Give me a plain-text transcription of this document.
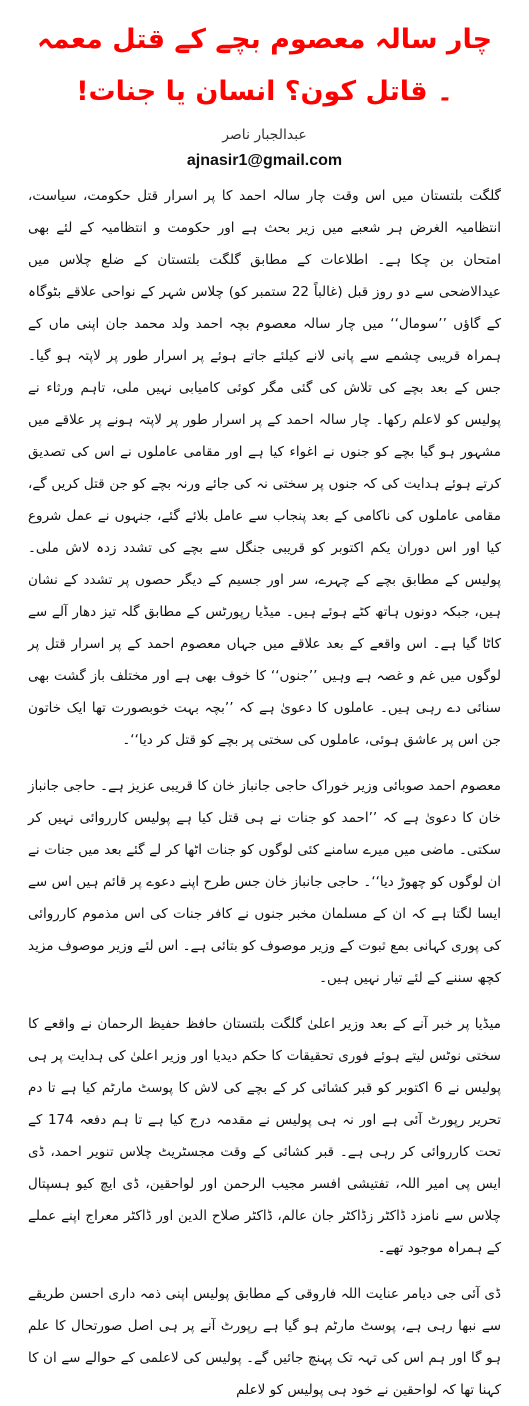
چار سالہ معصوم بچے کے قتل معمہ ۔ قاتل کون؟ انسان یا جنات!
عبدالجبار ناصر
ajnasir1@gmail.com

گلگت بلتستان میں اس وقت چار سالہ احمد کا پر اسرار قتل حکومت، سیاست، انتظامیہ الغرض ہر شعبے میں زیر بحث ہے اور حکومت و انتظامیہ کے لئے بھی امتحان بن چکا ہے۔ اطلاعات کے مطابق گلگت بلتستان کے ضلع چلاس میں عیدالاضحی سے دو روز قبل (غالباً 22 ستمبر کو) چلاس شہر کے نواحی علاقے بٹوگاہ کے گاؤں ’’سومال‘‘ میں چار سالہ معصوم بچہ احمد ولد محمد جان اپنی ماں کے ہمراہ قریبی چشمے سے پانی لانے کیلئے جاتے ہوئے پر اسرار طور پر لاپتہ ہو گیا۔ جس کے بعد بچے کی تلاش کی گئی مگر کوئی کامیابی نہیں ملی، تاہم ورثاء نے پولیس کو لاعلم رکھا۔ چار سالہ احمد کے پر اسرار طور پر لاپتہ ہونے پر علاقے میں مشہور ہو گیا بچے کو جنوں نے اغواء کیا ہے اور مقامی عاملوں نے اس کی تصدیق کرتے ہوئے ہدایت کی کہ جنوں پر سختی نہ کی جائے ورنہ بچے کو جن قتل کریں گے، مقامی عاملوں کی ناکامی کے بعد پنجاب سے عامل بلائے گئے، جنہوں نے عمل شروع کیا اور اس دوران یکم اکتوبر کو قریبی جنگل سے بچے کی تشدد زدہ لاش ملی۔ پولیس کے مطابق بچے کے چہرے، سر اور جسیم کے دیگر حصوں پر تشدد کے نشان ہیں، جبکہ دونوں ہاتھ کٹے ہوئے ہیں۔ میڈیا رپورٹس کے مطابق گلہ تیز دھار آلے سے کاٹا گیا ہے۔ اس واقعے کے بعد علاقے میں جہاں معصوم احمد کے پر اسرار قتل پر لوگوں میں غم و غصہ ہے وہیں ’’جنوں‘‘ کا خوف بھی ہے اور مختلف باز گشت بھی سنائی دے رہی ہیں۔ عاملوں کا دعویٰ ہے کہ ’’بچہ بہت خوبصورت تھا ایک خاتون جن اس پر عاشق ہوئی، عاملوں کی سختی پر بچے کو قتل کر دیا‘‘۔

معصوم احمد صوبائی وزیر خوراک حاجی جانباز خان کا قریبی عزیز ہے۔ حاجی جانباز خان کا دعویٰ ہے کہ ’’احمد کو جنات نے ہی قتل کیا ہے پولیس کارروائی نہیں کر سکتی۔ ماضی میں میرے سامنے کئی لوگوں کو جنات اٹھا کر لے گئے بعد میں جنات نے ان لوگوں کو چھوڑ دیا‘‘۔ حاجی جانباز خان جس طرح اپنے دعوے پر قائم ہیں اس سے ایسا لگتا ہے کہ ان کے مسلمان مخبر جنوں نے کافر جنات کی اس مذموم کارروائی کی پوری کہانی بمع ثبوت کے وزیر موصوف کو بتائی ہے۔ اس لئے وزیر موصوف مزید کچھ سننے کے لئے تیار نہیں ہیں۔

میڈیا پر خبر آنے کے بعد وزیر اعلیٰ گلگت بلتستان حافظ حفیظ الرحمان نے واقعے کا سختی نوٹس لیتے ہوئے فوری تحقیقات کا حکم دیدیا اور وزیر اعلیٰ کی ہدایت پر ہی پولیس نے 6 اکتوبر کو قبر کشائی کر کے بچے کی لاش کا پوسٹ مارٹم کیا ہے تا دم تحریر رپورٹ آئی ہے اور نہ ہی پولیس نے مقدمہ درج کیا ہے تا ہم دفعہ 174 کے تحت کارروائی کر رہی ہے۔ قبر کشائی کے وقت مجسٹریٹ چلاس تنویر احمد، ڈی ایس پی امیر اللہ، تفتیشی افسر مجیب الرحمن اور لواحقین، ڈی ایچ کیو ہسپتال چلاس سے نامزد ڈاکٹر زڈاکٹر جان عالم، ڈاکٹر صلاح الدین اور ڈاکٹر معراج اپنے عملے کے ہمراہ موجود تھے۔

ڈی آئی جی دیامر عنایت اللہ فاروقی کے مطابق پولیس اپنی ذمہ داری احسن طریقے سے نبھا رہی ہے، پوسٹ مارٹم ہو گیا ہے رپورٹ آنے پر ہی اصل صورتحال کا علم ہو گا اور ہم اس کی تہہ تک پہنچ جائیں گے۔ پولیس کی لاعلمی کے حوالے سے ان کا کہنا تھا کہ لواحقین نے خود ہی پولیس کو لاعلم
